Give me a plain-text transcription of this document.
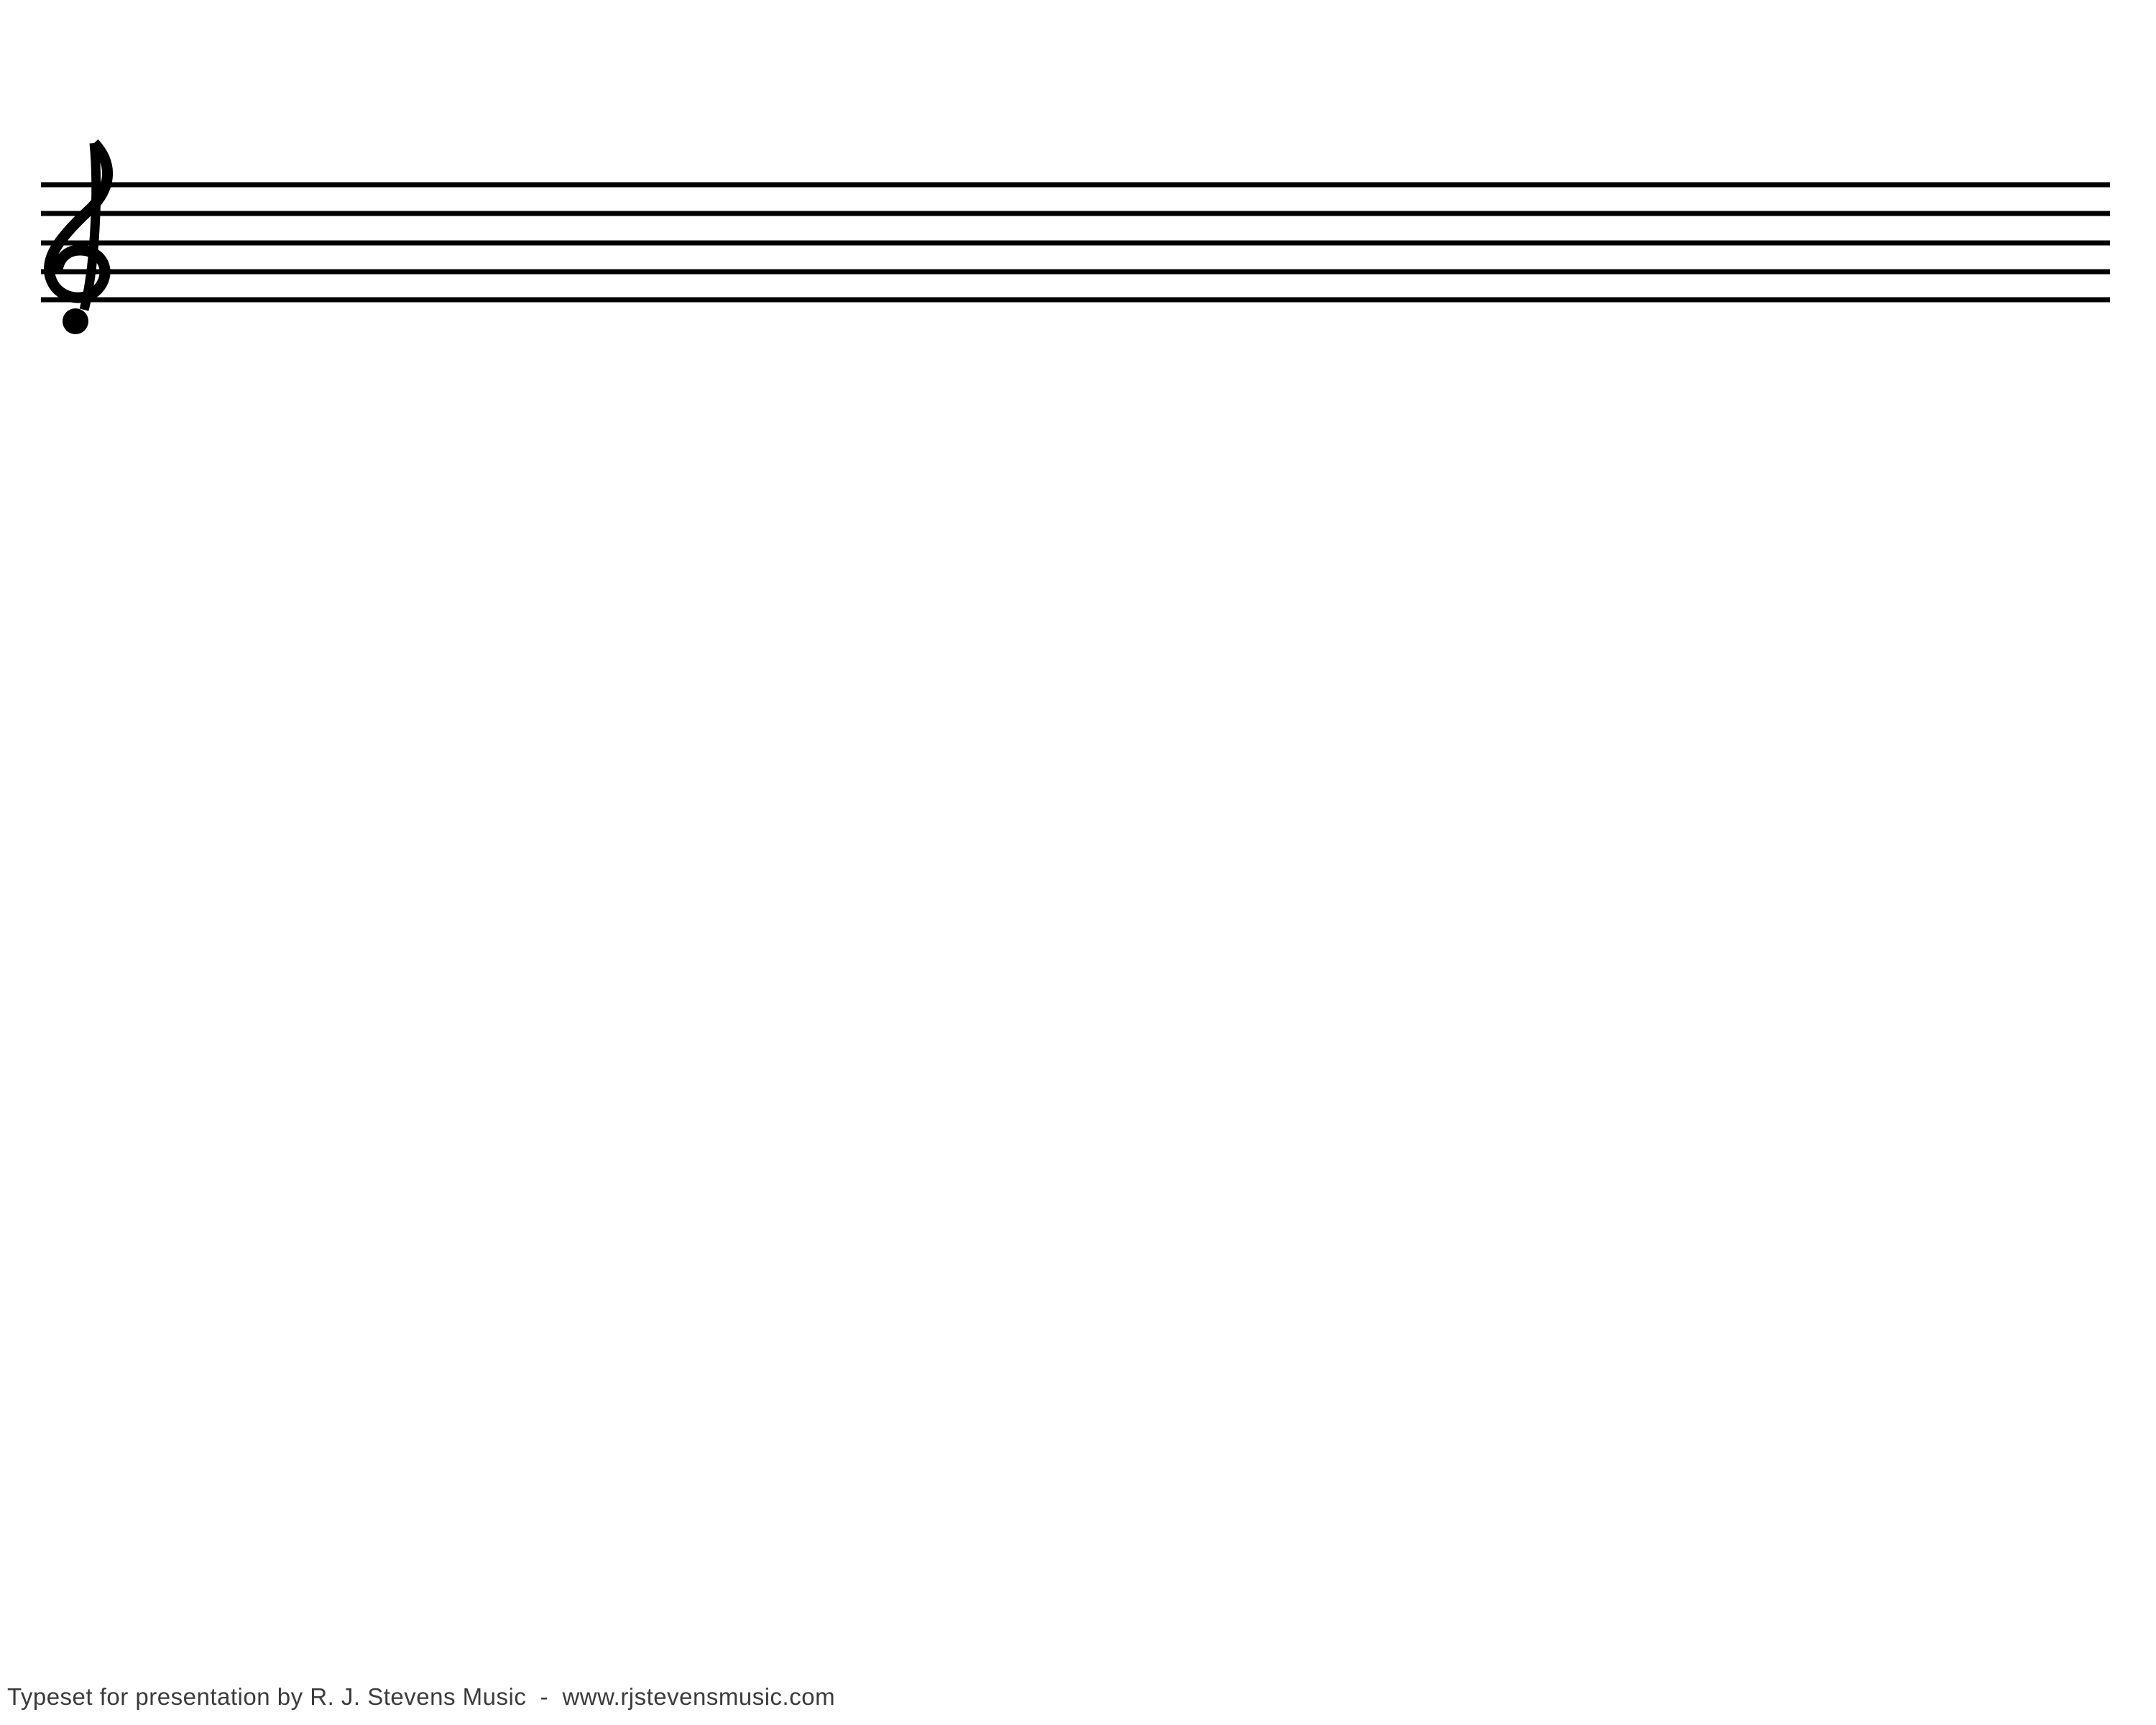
Typeset for presentation by R. J. Stevens Music  -  www.rjstevensmusic.com
